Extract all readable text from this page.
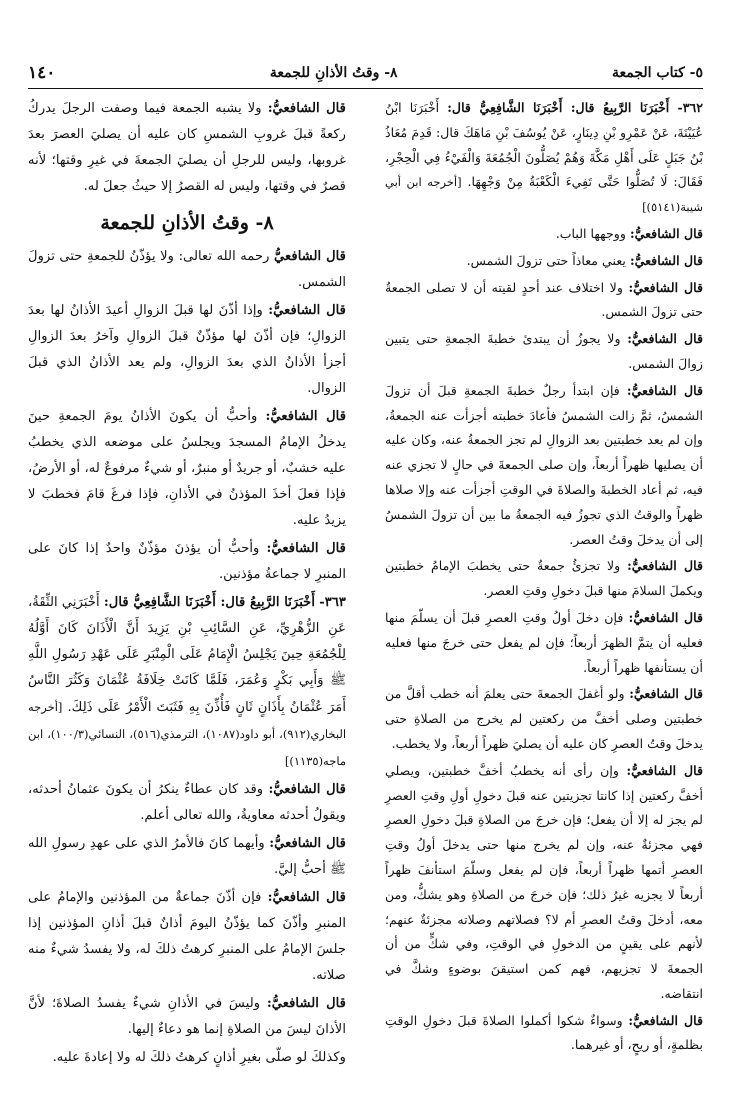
٥- كتاب الجمعة
٨- وقتُ الأذانِ للجمعة
١٤٠

٣٦٢- أَخْبَرَنَا الرَّبِيعُ قال: أَخْبَرَنَا الشَّافِعِيُّ قال: أَخْبَرَنَا ابْنُ عُيَيْنَةَ، عَنْ عَمْرِو بْنِ دِينَارٍ، عَنْ يُوسُفَ بْنِ مَاهَكَ قال: قَدِمَ مُعَاذُ بْنُ جَبَلٍ عَلَى أَهْلِ مَكَّةَ وَهُمْ يُصَلُّونَ الْجُمُعَةَ وَالْفَيْءُ فِي الْحِجْرِ، فَقَالَ: لَا تُصَلُّوا حَتَّى تَفِيءَ الْكَعْبَةُ مِنْ وَجْهِهَا. [أخرجه ابن أبي شيبة(٥١٤١)]

قال الشافعيُّ: ووجهها الباب.

قال الشافعيُّ: يعني معاذاً حتى تزولَ الشمس.

قال الشافعيُّ: ولا اختلاف عند أحدٍ لقيته أن لا تصلى الجمعةُ حتى تزولَ الشمس.

قال الشافعيُّ: ولا يجوزُ أن يبتدئ خطبةَ الجمعةِ حتى يتبين زوالَ الشمس.

قال الشافعيُّ: فإن ابتدأ رجلٌ خطبةَ الجمعةِ قبلَ أن تزولَ الشمسُ، ثمَّ زالت الشمسُ فأعادَ خطبته أجزأت عنه الجمعةُ، وإن لم يعد خطبتين بعد الزوالِ لم تجز الجمعةُ عنه، وكان عليه أن يصليها ظهراً أربعاً، وإن صلى الجمعةَ في حالٍ لا تجزي عنه فيه، ثم أعاد الخطبةَ والصلاةَ في الوقتِ أجزأت عنه وإلا صلاها ظهراً والوقتُ الذي تجوزُ فيه الجمعةُ ما بين أن تزولَ الشمسُ إلى أن يدخلَ وقتُ العصر.

قال الشافعيُّ: ولا تجزئُ جمعةٌ حتى يخطبَ الإمامُ خطبتين ويكملَ السلامَ منها قبلَ دخولِ وقتِ العصر.

قال الشافعيُّ: فإن دخلَ أولُ وقتِ العصرِ قبلَ أن يسلّمَ منها فعليه أن يتمَّ الظهرَ أربعاً؛ فإن لم يفعل حتى خرجَ منها فعليه أن يستأنفها ظهراً أربعاً.

قال الشافعيُّ: ولو أغفلَ الجمعةَ حتى يعلمَ أنه خطب أقلَّ من خطبتين وصلى أخفَّ من ركعتين لم يخرج من الصلاةِ حتى يدخلَ وقتُ العصرِ كان عليه أن يصليَ ظهراً أربعاً، ولا يخطب.

قال الشافعيُّ: وإن رأى أنه يخطبُ أخفَّ خطبتين، ويصلي أخفَّ ركعتين إذا كانتا تجزيتين عنه قبلَ دخولِ أولِ وقتِ العصرِ لم يجز له إلا أن يفعل؛ فإن خرجَ من الصلاةِ قبلَ دخولِ العصرِ فهي مجزئةٌ عنه، وإن لم يخرج منها حتى يدخلَ أولُ وقتِ العصرِ أتمها ظهراً أربعاً، فإن لم يفعل وسلّمَ استأنفَ ظهراً أربعاً لا يجزيه غيرُ ذلك؛ فإن خرجَ من الصلاةِ وهو يشكُّ، ومن معه، أدخلَ وقتُ العصرِ أم لا؟ فصلاتهم وصلاته مجزئةٌ عنهم؛ لأنهم على يقينٍ من الدخولِ في الوقتِ، وفي شكٍّ من أن الجمعةَ لا تجزيهم، فهم كمن استيقنَ بوضوءٍ وشكَّ في انتقاضه.

قال الشافعيُّ: وسواءٌ شكوا أكملوا الصلاةَ قبلَ دخولِ الوقتِ بظلمةٍ، أو ريحٍ، أو غيرهما.

قال الشافعيُّ: ولا يشبه الجمعة فيما وصفت الرجلَ يدركُ ركعةً قبلَ غروبِ الشمسِ كان عليه أن يصليَ العصرَ بعدَ غروبها، وليس للرجلِ أن يصليَ الجمعةَ في غيرِ وقتها؛ لأنه قصرٌ في وقتها، وليس له القصرُ إلا حيثُ جعلَ له.

٨- وقتُ الأذانِ للجمعة

قال الشافعيُّ رحمه الله تعالى: ولا يؤذّنُ للجمعةِ حتى تزولَ الشمس.

قال الشافعيُّ: وإذا أذّنَ لها قبلَ الزوالِ أعيدَ الأذانُ لها بعدَ الزوالِ؛ فإن أذّنَ لها مؤذّنٌ قبلَ الزوالِ وآخرُ بعدَ الزوالِ أجزأ الأذانُ الذي بعدَ الزوالِ، ولم يعد الأذانُ الذي قبلَ الزوال.

قال الشافعيُّ: وأحبُّ أن يكونَ الأذانُ يومَ الجمعةِ حينَ يدخلُ الإمامُ المسجدَ ويجلسُ على موضعه الذي يخطبُ عليه خشبٌ، أو جريدٌ أو منبرٌ، أو شيءٌ مرفوعٌ له، أو الأرضُ، فإذا فعلَ أخذَ المؤذنُ في الأذانِ، فإذا فرغَ قامَ فخطبَ لا يزيدُ عليه.

قال الشافعيُّ: وأحبُّ أن يؤذنَ مؤذّنٌ واحدٌ إذا كانَ على المنبرِ لا جماعةُ مؤذنين.

٣٦٣- أَخْبَرَنَا الرَّبِيعُ قال: أَخْبَرَنَا الشَّافِعِيُّ قال: أَخْبَرَنِي الثِّقَةُ، عَنِ الزُّهْرِيِّ، عَنِ السَّائِبِ بْنِ يَزِيدَ أَنَّ الْأَذَانَ كَانَ أَوَّلُهُ لِلْجُمُعَةِ حِينَ يَجْلِسُ الْإِمَامُ عَلَى الْمِنْبَرِ عَلَى عَهْدِ رَسُولِ اللَّهِ ﷺ وَأَبِي بَكْرٍ وَعُمَرَ، فَلَمَّا كَانَتْ خِلَافَةُ عُثْمَانَ وَكَثُرَ النَّاسُ أَمَرَ عُثْمَانُ بِأَذَانٍ ثَانٍ فَأُذِّنَ بِهِ فَثَبَتَ الْأَمْرُ عَلَى ذَلِكَ. [أخرجه البخاري(٩١٢)، أبو داود(١٠٨٧)، الترمذي(٥١٦)، النسائي(١٠٠/٣)، ابن ماجه(١١٣٥)]

قال الشافعيُّ: وقد كان عطاءٌ ينكرُ أن يكونَ عثمانُ أحدثه، ويقولُ أحدثه معاويةُ، والله تعالى أعلم.

قال الشافعيُّ: وأيهما كانَ فالأمرُ الذي على عهدِ رسولِ الله ﷺ أحبُّ إليَّ.

قال الشافعيُّ: فإن أذّنَ جماعةٌ من المؤذنين والإمامُ على المنبرِ وأذّنَ كما يؤذّنُ اليومَ أذانٌ قبلَ أذانِ المؤذنين إذا جلسَ الإمامُ على المنبرِ كرهتُ ذلكَ له، ولا يفسدُ شيءٌ منه صلاته.

قال الشافعيُّ: وليسَ في الأذانِ شيءٌ يفسدُ الصلاةَ؛ لأنَّ الأذانَ ليسَ من الصلاةِ إنما هو دعاءٌ إليها.

وكذلكَ لو صلّى بغيرِ أذانٍ كرهتُ ذلكَ له ولا إعادةَ عليه.
